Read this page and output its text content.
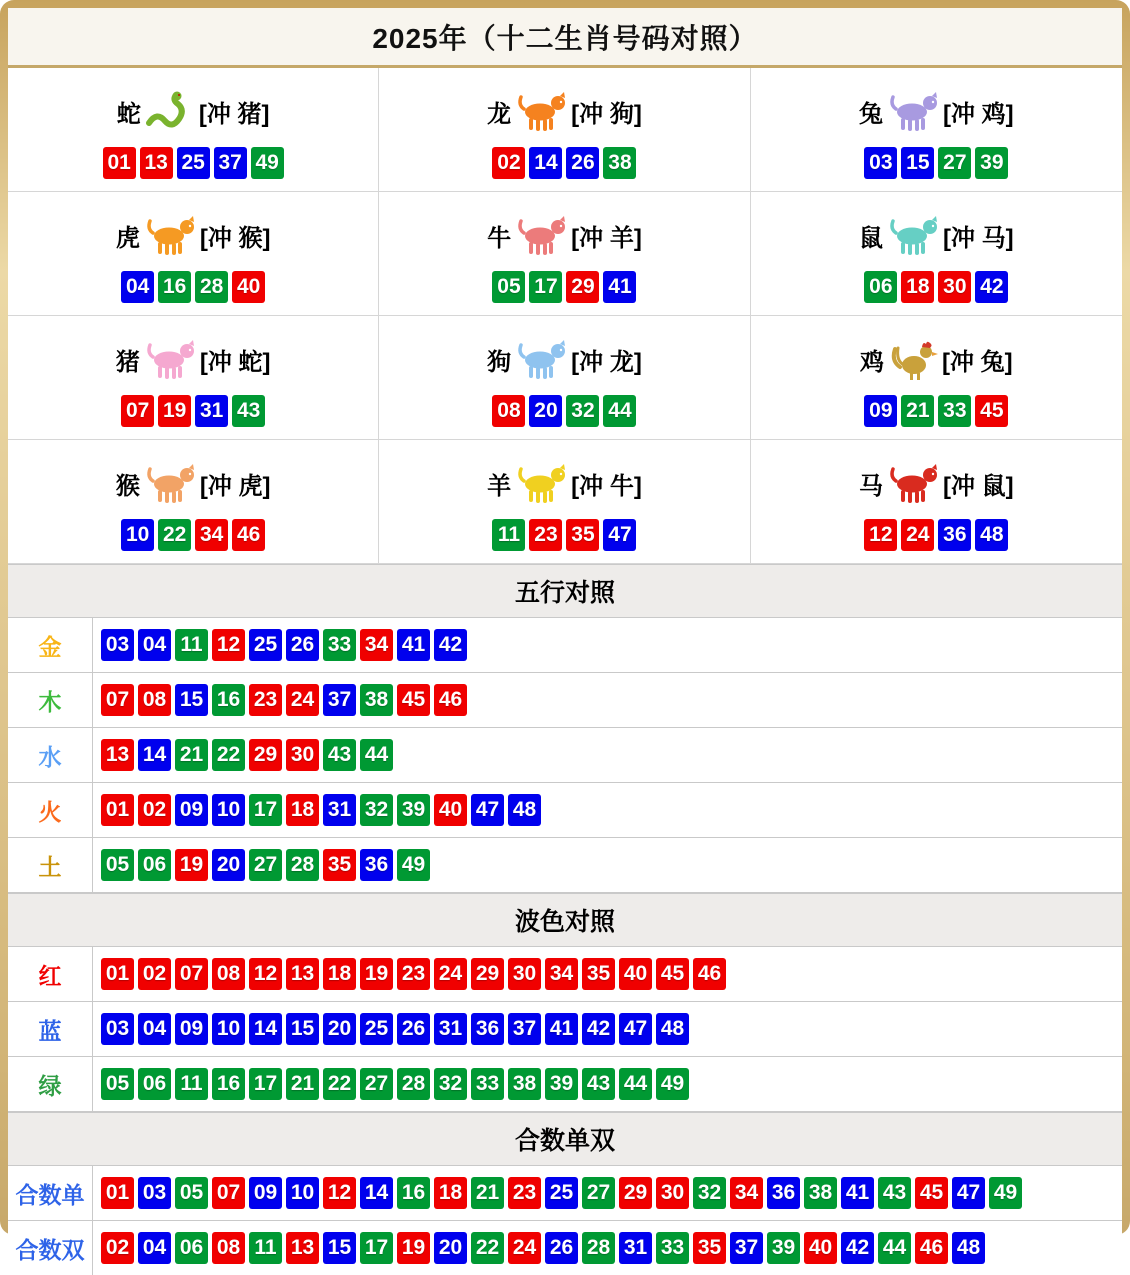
2025年（十二生肖号码对照）
蛇 [冲 猪]
01 13 25 37 49
龙	[冲 狗]
02 14 26 38
兔	[冲 鸡]
03 15 27 39
虎	[冲 猴]
04 16 28 40
牛	[冲 羊]
05 17 29 41
鼠	[冲 马]
06 18 30 42
猪	[冲 蛇]
07 19 31 43
狗	[冲 龙]
08 20 32 44
鸡 [冲 兔]
09 21 33 45
猴	[冲 虎]
10 22 34 46
羊	[冲 牛]
11 23 35 47
马	[冲 鼠]
12 24 36 48
五行对照
金	03 04 11 12 25 26 33 34 41 42
木	07 08 15 16 23 24 37 38 45 46
水	13 14 21 22 29 30 43 44
火	01 02 09 10 17 18 31 32 39 40 47 48
土	05 06 19 20 27 28 35 36 49
波色对照
红	01 02 07 08 12 13 18 19 23 24 29 30 34 35 40 45 46
蓝	03 04 09 10 14 15 20 25 26 31 36 37 41 42 47 48
绿	05 06 11 16 17 21 22 27 28 32 33 38 39 43 44 49
合数单双
合数单	01 03 05 07 09 10 12 14 16 18 21 23 25 27 29 30 32 34 36 38 41 43 45 47 49
合数双	02 04 06 08 11 13 15 17 19 20 22 24 26 28 31 33 35 37 39 40 42 44 46 48
